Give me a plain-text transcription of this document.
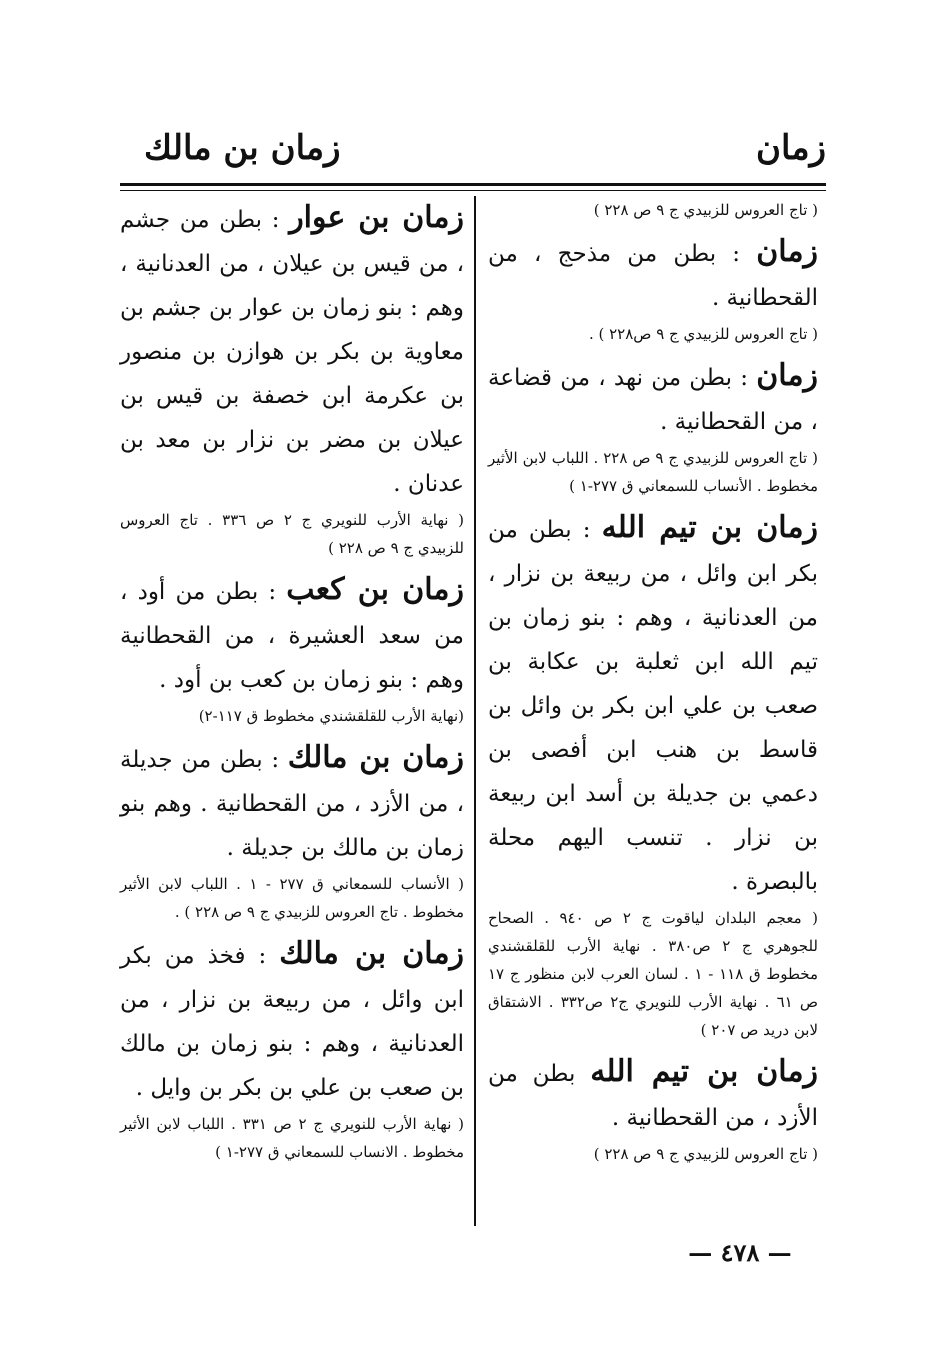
زمان
زمان بن مالك

( تاج العروس للزبيدي ج ٩ ص ٢٢٨ )

زمان : بطن من مذحج ، من القحطانية .

( تاج العروس للزبيدي ج ٩ ص٢٢٨ ) .

زمان : بطن من نهد ، من قضاعة ، من القحطانية .

( تاج العروس للزبيدي ج ٩ ص ٢٢٨ . اللباب لابن الأثير مخطوط . الأنساب للسمعاني ق ٢٧٧-١ )

زمان بن تيم الله : بطن من بكر ابن وائل ، من ربيعة بن نزار ، من العدنانية ، وهم : بنو زمان بن تيم الله ابن ثعلبة بن عكابة بن صعب بن علي ابن بكر بن وائل بن قاسط بن هنب ابن أفصى بن دعمي بن جديلة بن أسد ابن ربيعة بن نزار . تنسب اليهم محلة بالبصرة .

( معجم البلدان لياقوت ج ٢ ص ٩٤٠ . الصحاح للجوهري ج ٢ ص٣٨٠ . نهاية الأرب للقلقشندي مخطوط ق ١١٨ - ١ . لسان العرب لابن منظور ج ١٧ ص ٦١ . نهاية الأرب للنويري ج٢ ص٣٣٢ . الاشتقاق لابن دريد ص ٢٠٧ )

زمان بن تيم الله بطن من الأزد ، من القحطانية .

( تاج العروس للزبيدي ج ٩ ص ٢٢٨ )

زمان بن عوار : بطن من جشم ، من قيس بن عيلان ، من العدنانية ، وهم : بنو زمان بن عوار بن جشم بن معاوية بن بكر بن هوازن بن منصور بن عكرمة ابن خصفة بن قيس بن عيلان بن مضر بن نزار بن معد بن عدنان .

( نهاية الأرب للنويري ج ٢ ص ٣٣٦ . تاج العروس للزبيدي ج ٩ ص ٢٢٨ )

زمان بن كعب : بطن من أود ، من سعد العشيرة ، من القحطانية وهم : بنو زمان بن كعب بن أود .

(نهاية الأرب للقلقشندي مخطوط ق ١١٧-٢)

زمان بن مالك : بطن من جديلة ، من الأزد ، من القحطانية . وهم بنو زمان بن مالك بن جديلة .

( الأنساب للسمعاني ق ٢٧٧ - ١ . اللباب لابن الأثير مخطوط . تاج العروس للزبيدي ج ٩ ص ٢٢٨ ) .

زمان بن مالك : فخذ من بكر ابن وائل ، من ربيعة بن نزار ، من العدنانية ، وهم : بنو زمان بن مالك بن صعب بن علي بن بكر بن وايل .

( نهاية الأرب للنويري ج ٢ ص ٣٣١ . اللباب لابن الأثير مخطوط . الانساب للسمعاني ق ٢٧٧-١ )

— ٤٧٨ —
